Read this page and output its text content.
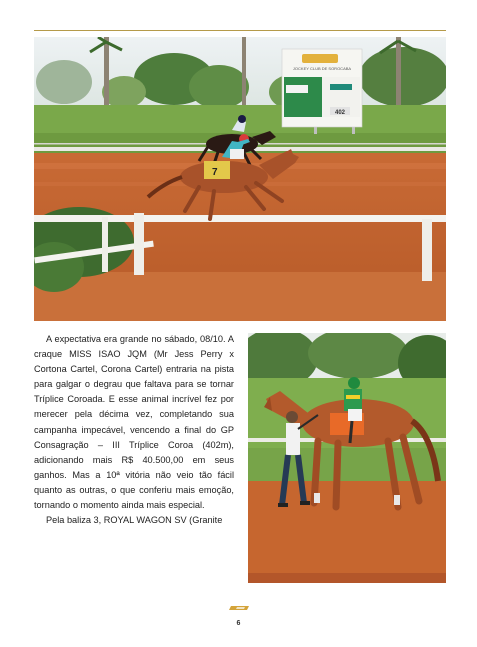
JOCKEY CLUB DE SOROCABA
402
7

A expectativa era grande no sábado, 08/10. A craque MISS ISAO JQM (Mr Jess Perry x Cortona Cartel, Corona Cartel) entraria na pista para galgar o degrau que faltava para se tornar Tríplice Coroada. E esse animal incrível fez por merecer pela décima vez, completando sua campanha impecável, vencendo a final do GP Consagração – III Tríplice Coroa (402m), adicionando mais R$ 40.500,00 em seus ganhos. Mas a 10ª vitória não veio tão fácil quanto as outras, o que conferiu mais emoção, tornando o momento ainda mais especial.

Pela baliza 3, ROYAL WAGON SV (Granite

6
